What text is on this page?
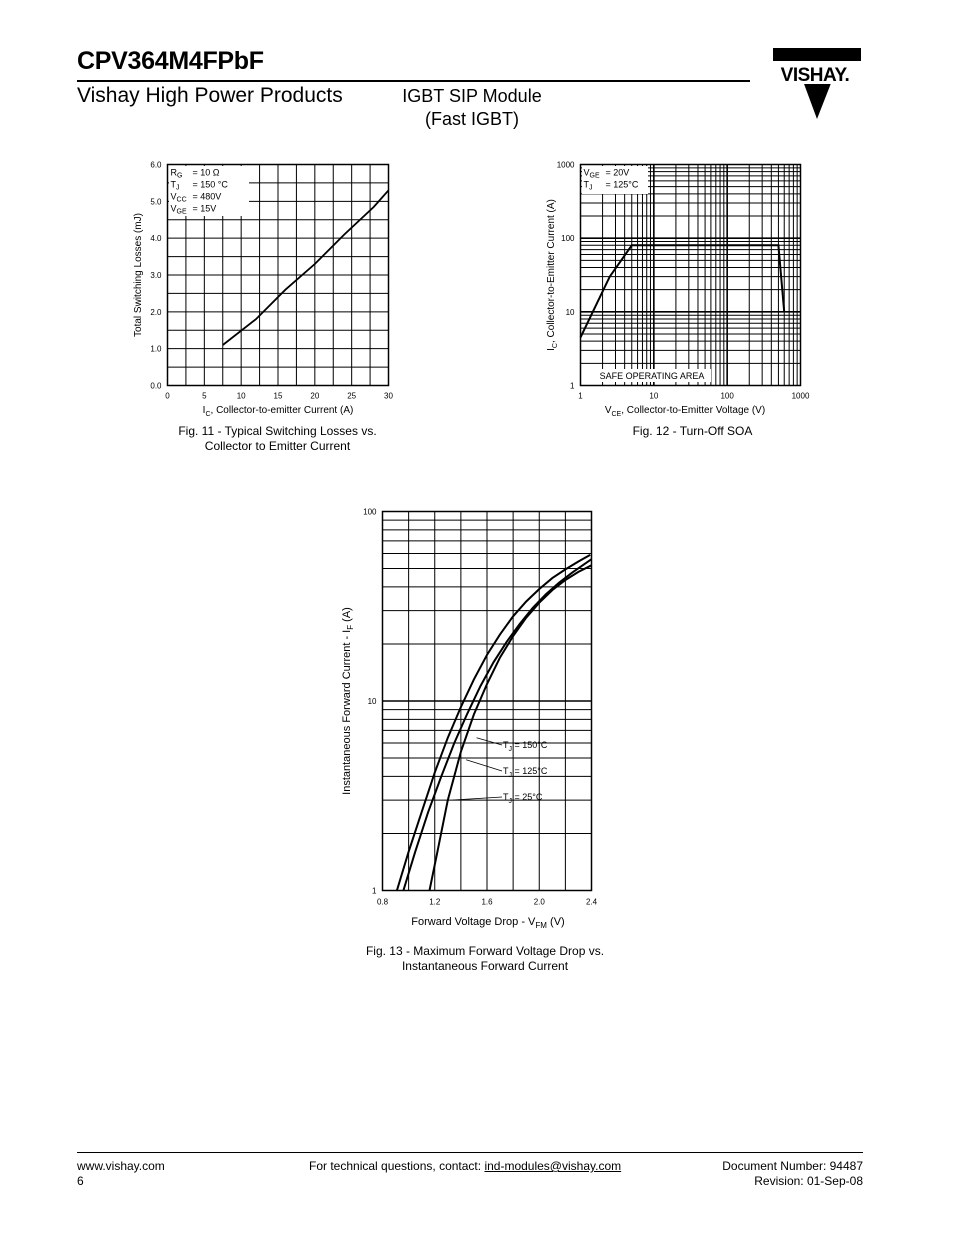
CPV364M4FPbF
Vishay High Power Products	IGBT SIP Module
(Fast IGBT)
VISHAY.
0.0
1.0
2.0
3.0
4.0
5.0
6.0
0	5	10	15	20	25	30
$R_G = 10$ Ω
$T_J = 150$ °C
$V_{CC} = 480V$
$V_{GE} = 15V$
Total Switching Losses (mJ)
$I_C$, Collector-to-emitter Current (A)
Fig. 11 - Typical Switching Losses vs.
Collector to Emitter Current
1
10
100
1000
1	10	100	1000
$V_{GE} = 20V$
$T_J = 125^\circ C$
SAFE OPERATING AREA
$I_C$, Collector-to-Emitter Current (A)
$V_{CE}$, Collector-to-Emitter Voltage (V)
Fig. 12 - Turn-Off SOA
1
10
100
0.8	1.2	1.6	2.0	2.4
$T_J = 150^\circ C$
$T_J = 125^\circ C$
$T_J = 25^\circ C$
Instantaneous Forward Current - $I_F$ (A)
Forward Voltage Drop - $V_{FM}$ (V)
Fig. 13 - Maximum Forward Voltage Drop vs.
Instantaneous Forward Current
www.vishay.com
6
For technical questions, contact: ind-modules@vishay.com	Document Number: 94487
Revision: 01-Sep-08
